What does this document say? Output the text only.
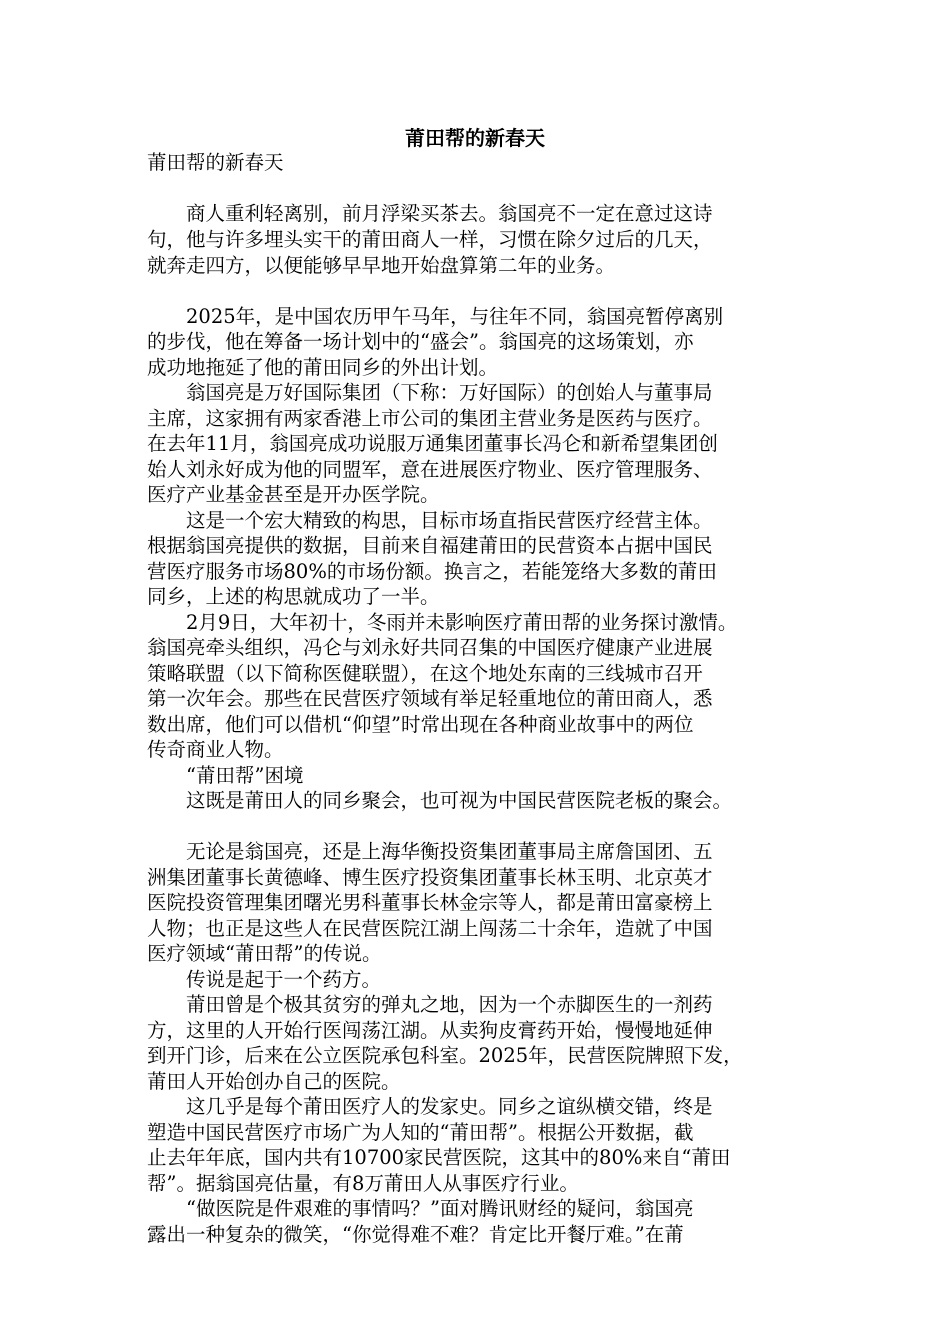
莆田帮的新春天

莆田帮的新春天

　　商人重利轻离别，前月浮梁买茶去。翁国亮不一定在意过这诗
句，他与许多埋头实干的莆田商人一样，习惯在除夕过后的几天，
就奔走四方，以便能够早早地开始盘算第二年的业务。
　　2025年，是中国农历甲午马年，与往年不同，翁国亮暂停离别
的步伐，他在筹备一场计划中的“盛会”。翁国亮的这场策划，亦
成功地拖延了他的莆田同乡的外出计划。
　　翁国亮是万好国际集团（下称：万好国际）的创始人与董事局
主席，这家拥有两家香港上市公司的集团主营业务是医药与医疗。
在去年11月，翁国亮成功说服万通集团董事长冯仑和新希望集团创
始人刘永好成为他的同盟军，意在进展医疗物业、医疗管理服务、
医疗产业基金甚至是开办医学院。
　　这是一个宏大精致的构思，目标市场直指民营医疗经营主体。
根据翁国亮提供的数据，目前来自福建莆田的民营资本占据中国民
营医疗服务市场80%的市场份额。换言之，若能笼络大多数的莆田
同乡，上述的构思就成功了一半。
　　2月9日，大年初十，冬雨并未影响医疗莆田帮的业务探讨激情。
翁国亮牵头组织，冯仑与刘永好共同召集的中国医疗健康产业进展
策略联盟（以下简称医健联盟），在这个地处东南的三线城市召开
第一次年会。那些在民营医疗领域有举足轻重地位的莆田商人，悉
数出席，他们可以借机“仰望”时常出现在各种商业故事中的两位
传奇商业人物。
　　“莆田帮”困境
　　这既是莆田人的同乡聚会，也可视为中国民营医院老板的聚会。
　　无论是翁国亮，还是上海华衡投资集团董事局主席詹国团、五
洲集团董事长黄德峰、博生医疗投资集团董事长林玉明、北京英才
医院投资管理集团曙光男科董事长林金宗等人，都是莆田富豪榜上
人物；也正是这些人在民营医院江湖上闯荡二十余年，造就了中国
医疗领域“莆田帮”的传说。
　　传说是起于一个药方。
　　莆田曾是个极其贫穷的弹丸之地，因为一个赤脚医生的一剂药
方，这里的人开始行医闯荡江湖。从卖狗皮膏药开始，慢慢地延伸
到开门诊，后来在公立医院承包科室。2025年，民营医院牌照下发，
莆田人开始创办自己的医院。
　　这几乎是每个莆田医疗人的发家史。同乡之谊纵横交错，终是
塑造中国民营医疗市场广为人知的“莆田帮”。根据公开数据，截
止去年年底，国内共有10700家民营医院，这其中的80%来自“莆田
帮”。据翁国亮估量，有8万莆田人从事医疗行业。
　　“做医院是件艰难的事情吗？”面对腾讯财经的疑问，翁国亮
露出一种复杂的微笑，“你觉得难不难？肯定比开餐厅难。”在莆
